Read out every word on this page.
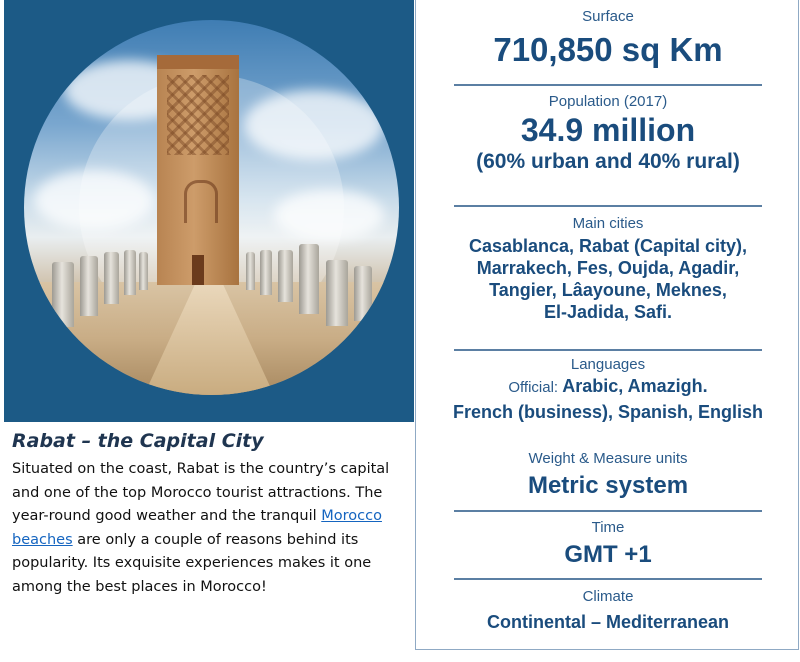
Rabat – the Capital City

Situated on the coast, Rabat is the country’s capital and one of the top Morocco tourist attractions. The year-round good weather and the tranquil Morocco beaches are only a couple of reasons behind its popularity. Its exquisite experiences makes it one among the best places in Morocco!

Surface
710,850 sq Km
Population (2017)
34.9 million
(60% urban and 40% rural)
Main cities
Casablanca, Rabat (Capital city),
Marrakech, Fes, Oujda, Agadir,
Tangier, Lâayoune, Meknes,
El-Jadida, Safi.
Languages
Official: Arabic, Amazigh.
French (business), Spanish, English
Weight & Measure units
Metric system
Time
GMT +1
Climate
Continental – Mediterranean
